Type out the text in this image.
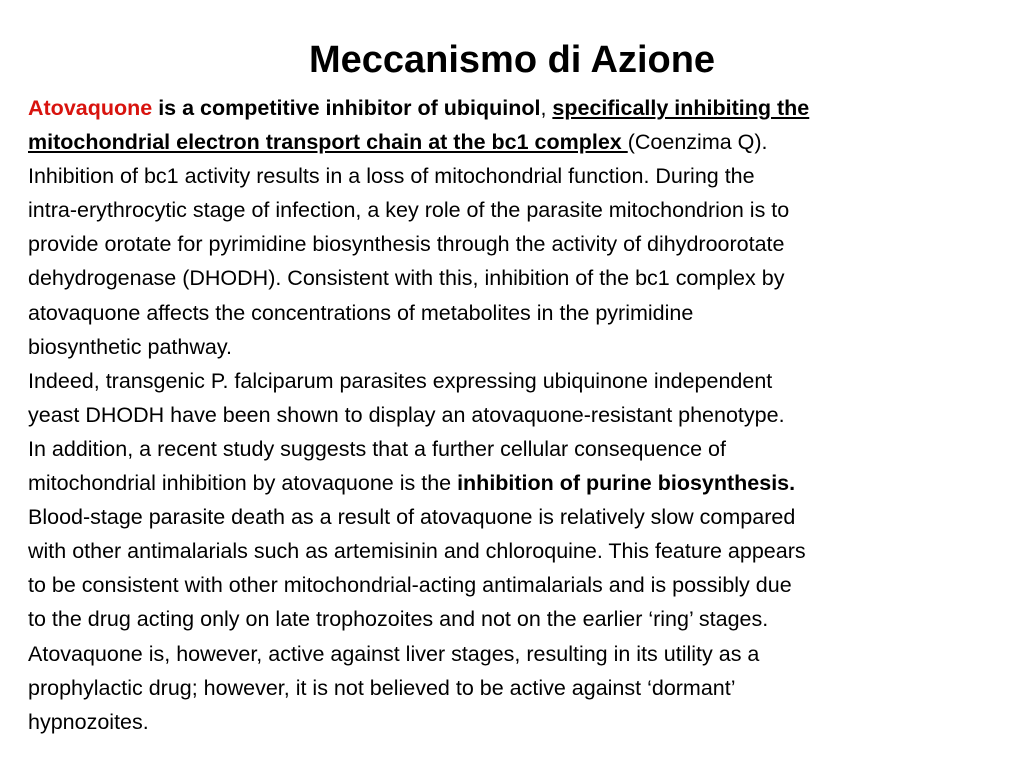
Meccanismo di Azione
Atovaquone is a competitive inhibitor of ubiquinol, specifically inhibiting the
mitochondrial electron transport chain at the bc1 complex (Coenzima Q).
Inhibition of bc1 activity results in a loss of mitochondrial function. During the
intra-erythrocytic stage of infection, a key role of the parasite mitochondrion is to
provide orotate for pyrimidine biosynthesis through the activity of dihydroorotate
dehydrogenase (DHODH). Consistent with this, inhibition of the bc1 complex by
atovaquone affects the concentrations of metabolites in the pyrimidine
biosynthetic pathway.
Indeed, transgenic P. falciparum parasites expressing ubiquinone independent
yeast DHODH have been shown to display an atovaquone-resistant phenotype.
In addition, a recent study suggests that a further cellular consequence of
mitochondrial inhibition by atovaquone is the inhibition of purine biosynthesis.
Blood-stage parasite death as a result of atovaquone is relatively slow compared
with other antimalarials such as artemisinin and chloroquine. This feature appears
to be consistent with other mitochondrial-acting antimalarials and is possibly due
to the drug acting only on late trophozoites and not on the earlier ‘ring’ stages.
Atovaquone is, however, active against liver stages, resulting in its utility as a
prophylactic drug; however, it is not believed to be active against ‘dormant’
hypnozoites.
